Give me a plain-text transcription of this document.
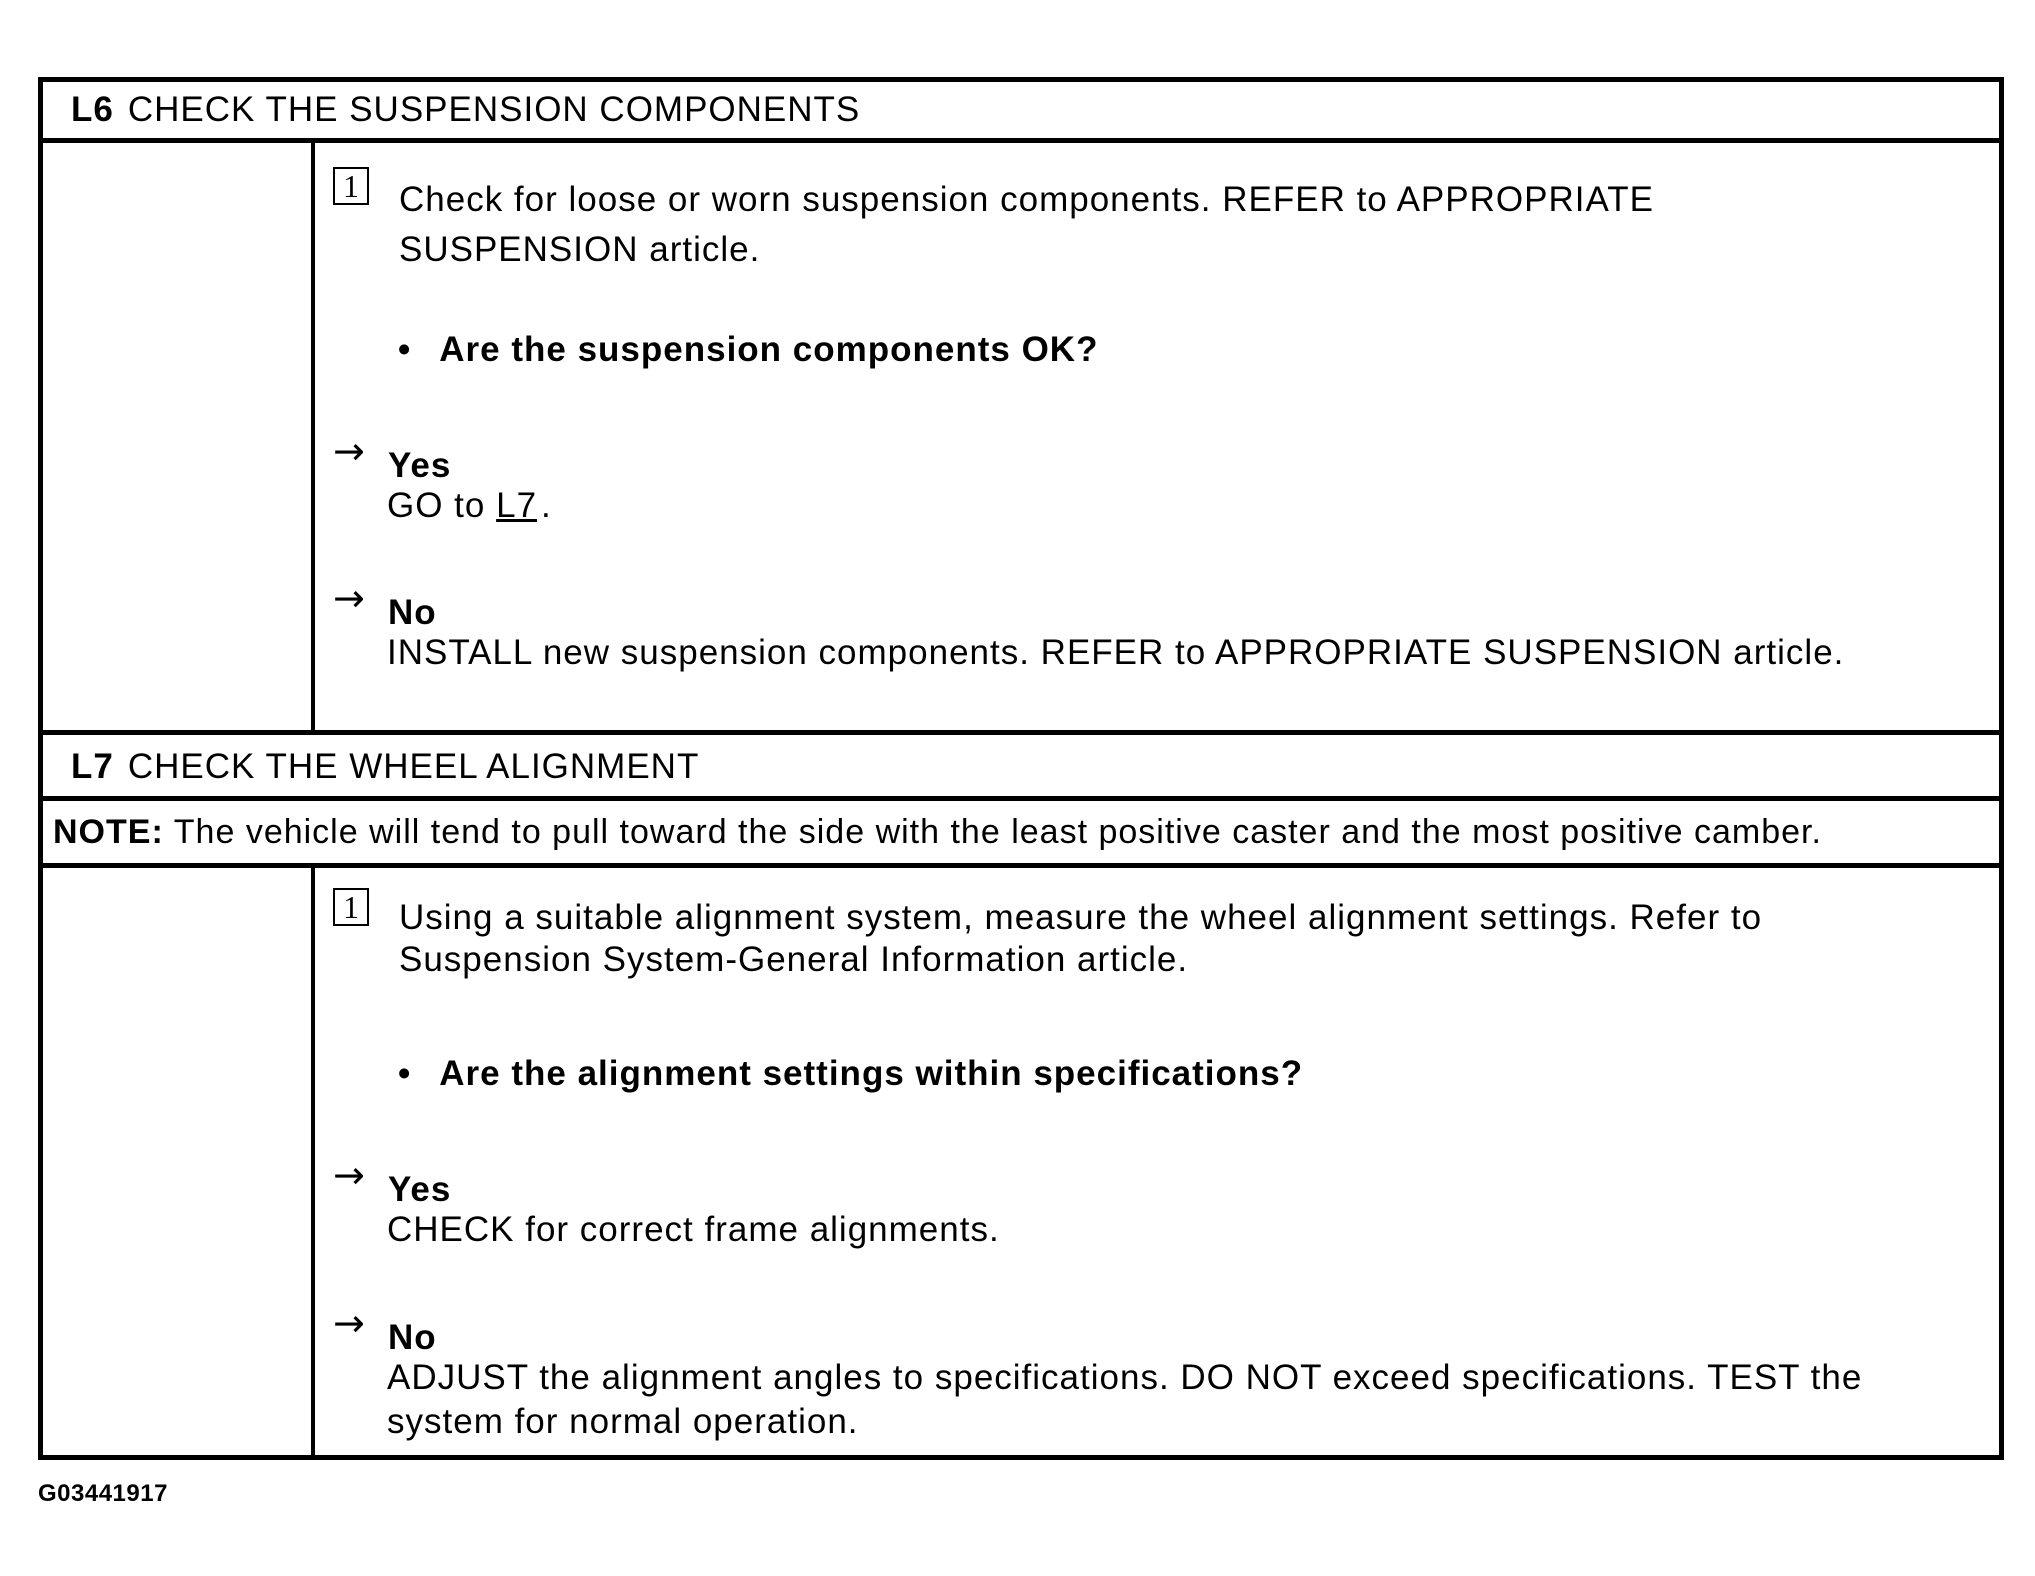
L6 CHECK THE SUSPENSION COMPONENTS
1 Check for loose or worn suspension components. REFER to APPROPRIATE SUSPENSION article.
• Are the suspension components OK?
→ Yes
GO to L7 .
→ No
INSTALL new suspension components. REFER to APPROPRIATE SUSPENSION article.
L7 CHECK THE WHEEL ALIGNMENT
NOTE: The vehicle will tend to pull toward the side with the least positive caster and the most positive camber.
1 Using a suitable alignment system, measure the wheel alignment settings. Refer to Suspension System-General Information article.
• Are the alignment settings within specifications?
→ Yes
CHECK for correct frame alignments.
→ No
ADJUST the alignment angles to specifications. DO NOT exceed specifications. TEST the system for normal operation.
G03441917
